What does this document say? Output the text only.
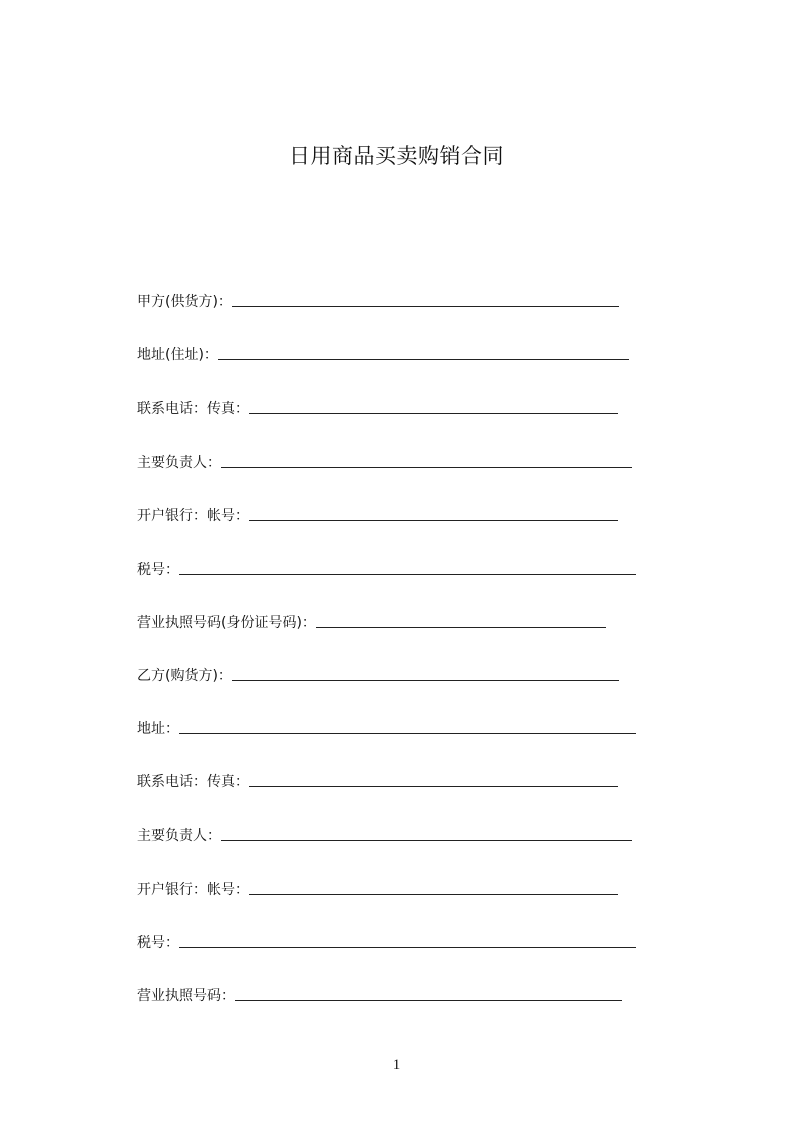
日用商品买卖购销合同
甲方(供货方)：
地址(住址)：
联系电话：传真：
主要负责人：
开户银行：帐号：
税号：
营业执照号码(身份证号码)：
乙方(购货方)：
地址：
联系电话：传真：
主要负责人：
开户银行：帐号：
税号：
营业执照号码：
1
